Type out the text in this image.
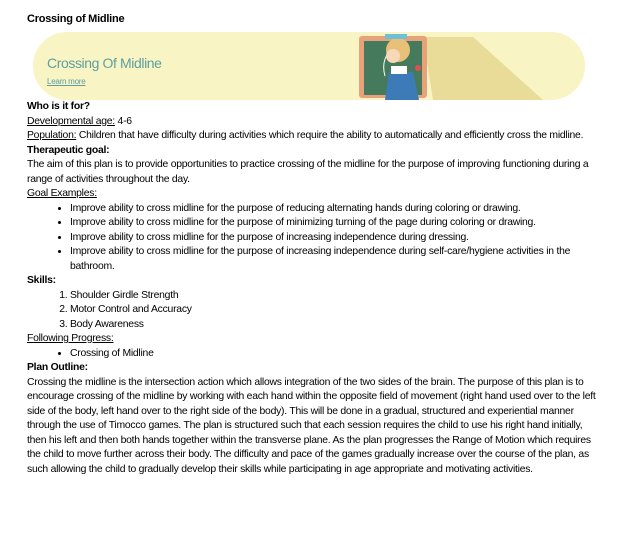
Crossing of Midline

Crossing Of Midline
Learn more

Who is it for?

Developmental age: 4-6

Population: Children that have difficulty during activities which require the ability to automatically and efficiently cross the midline.

Therapeutic goal:

The aim of this plan is to provide opportunities to practice crossing of the midline for the purpose of improving functioning during a range of activities throughout the day.

Goal Examples:

• Improve ability to cross midline for the purpose of reducing alternating hands during coloring or drawing.
• Improve ability to cross midline for the purpose of minimizing turning of the page during coloring or drawing.
• Improve ability to cross midline for the purpose of increasing independence during dressing.
• Improve ability to cross midline for the purpose of increasing independence during self-care/hygiene activities in the bathroom.

Skills:

1. Shoulder Girdle Strength
2. Motor Control and Accuracy
3. Body Awareness

Following Progress:

• Crossing of Midline

Plan Outline:

Crossing the midline is the intersection action which allows integration of the two sides of the brain. The purpose of this plan is to encourage crossing of the midline by working with each hand within the opposite field of movement (right hand used over to the left side of the body, left hand over to the right side of the body). This will be done in a gradual, structured and experiential manner through the use of Timocco games. The plan is structured such that each session requires the child to use his right hand initially, then his left and then both hands together within the transverse plane. As the plan progresses the Range of Motion which requires the child to move further across their body. The difficulty and pace of the games gradually increase over the course of the plan, as such allowing the child to gradually develop their skills while participating in age appropriate and motivating activities.
